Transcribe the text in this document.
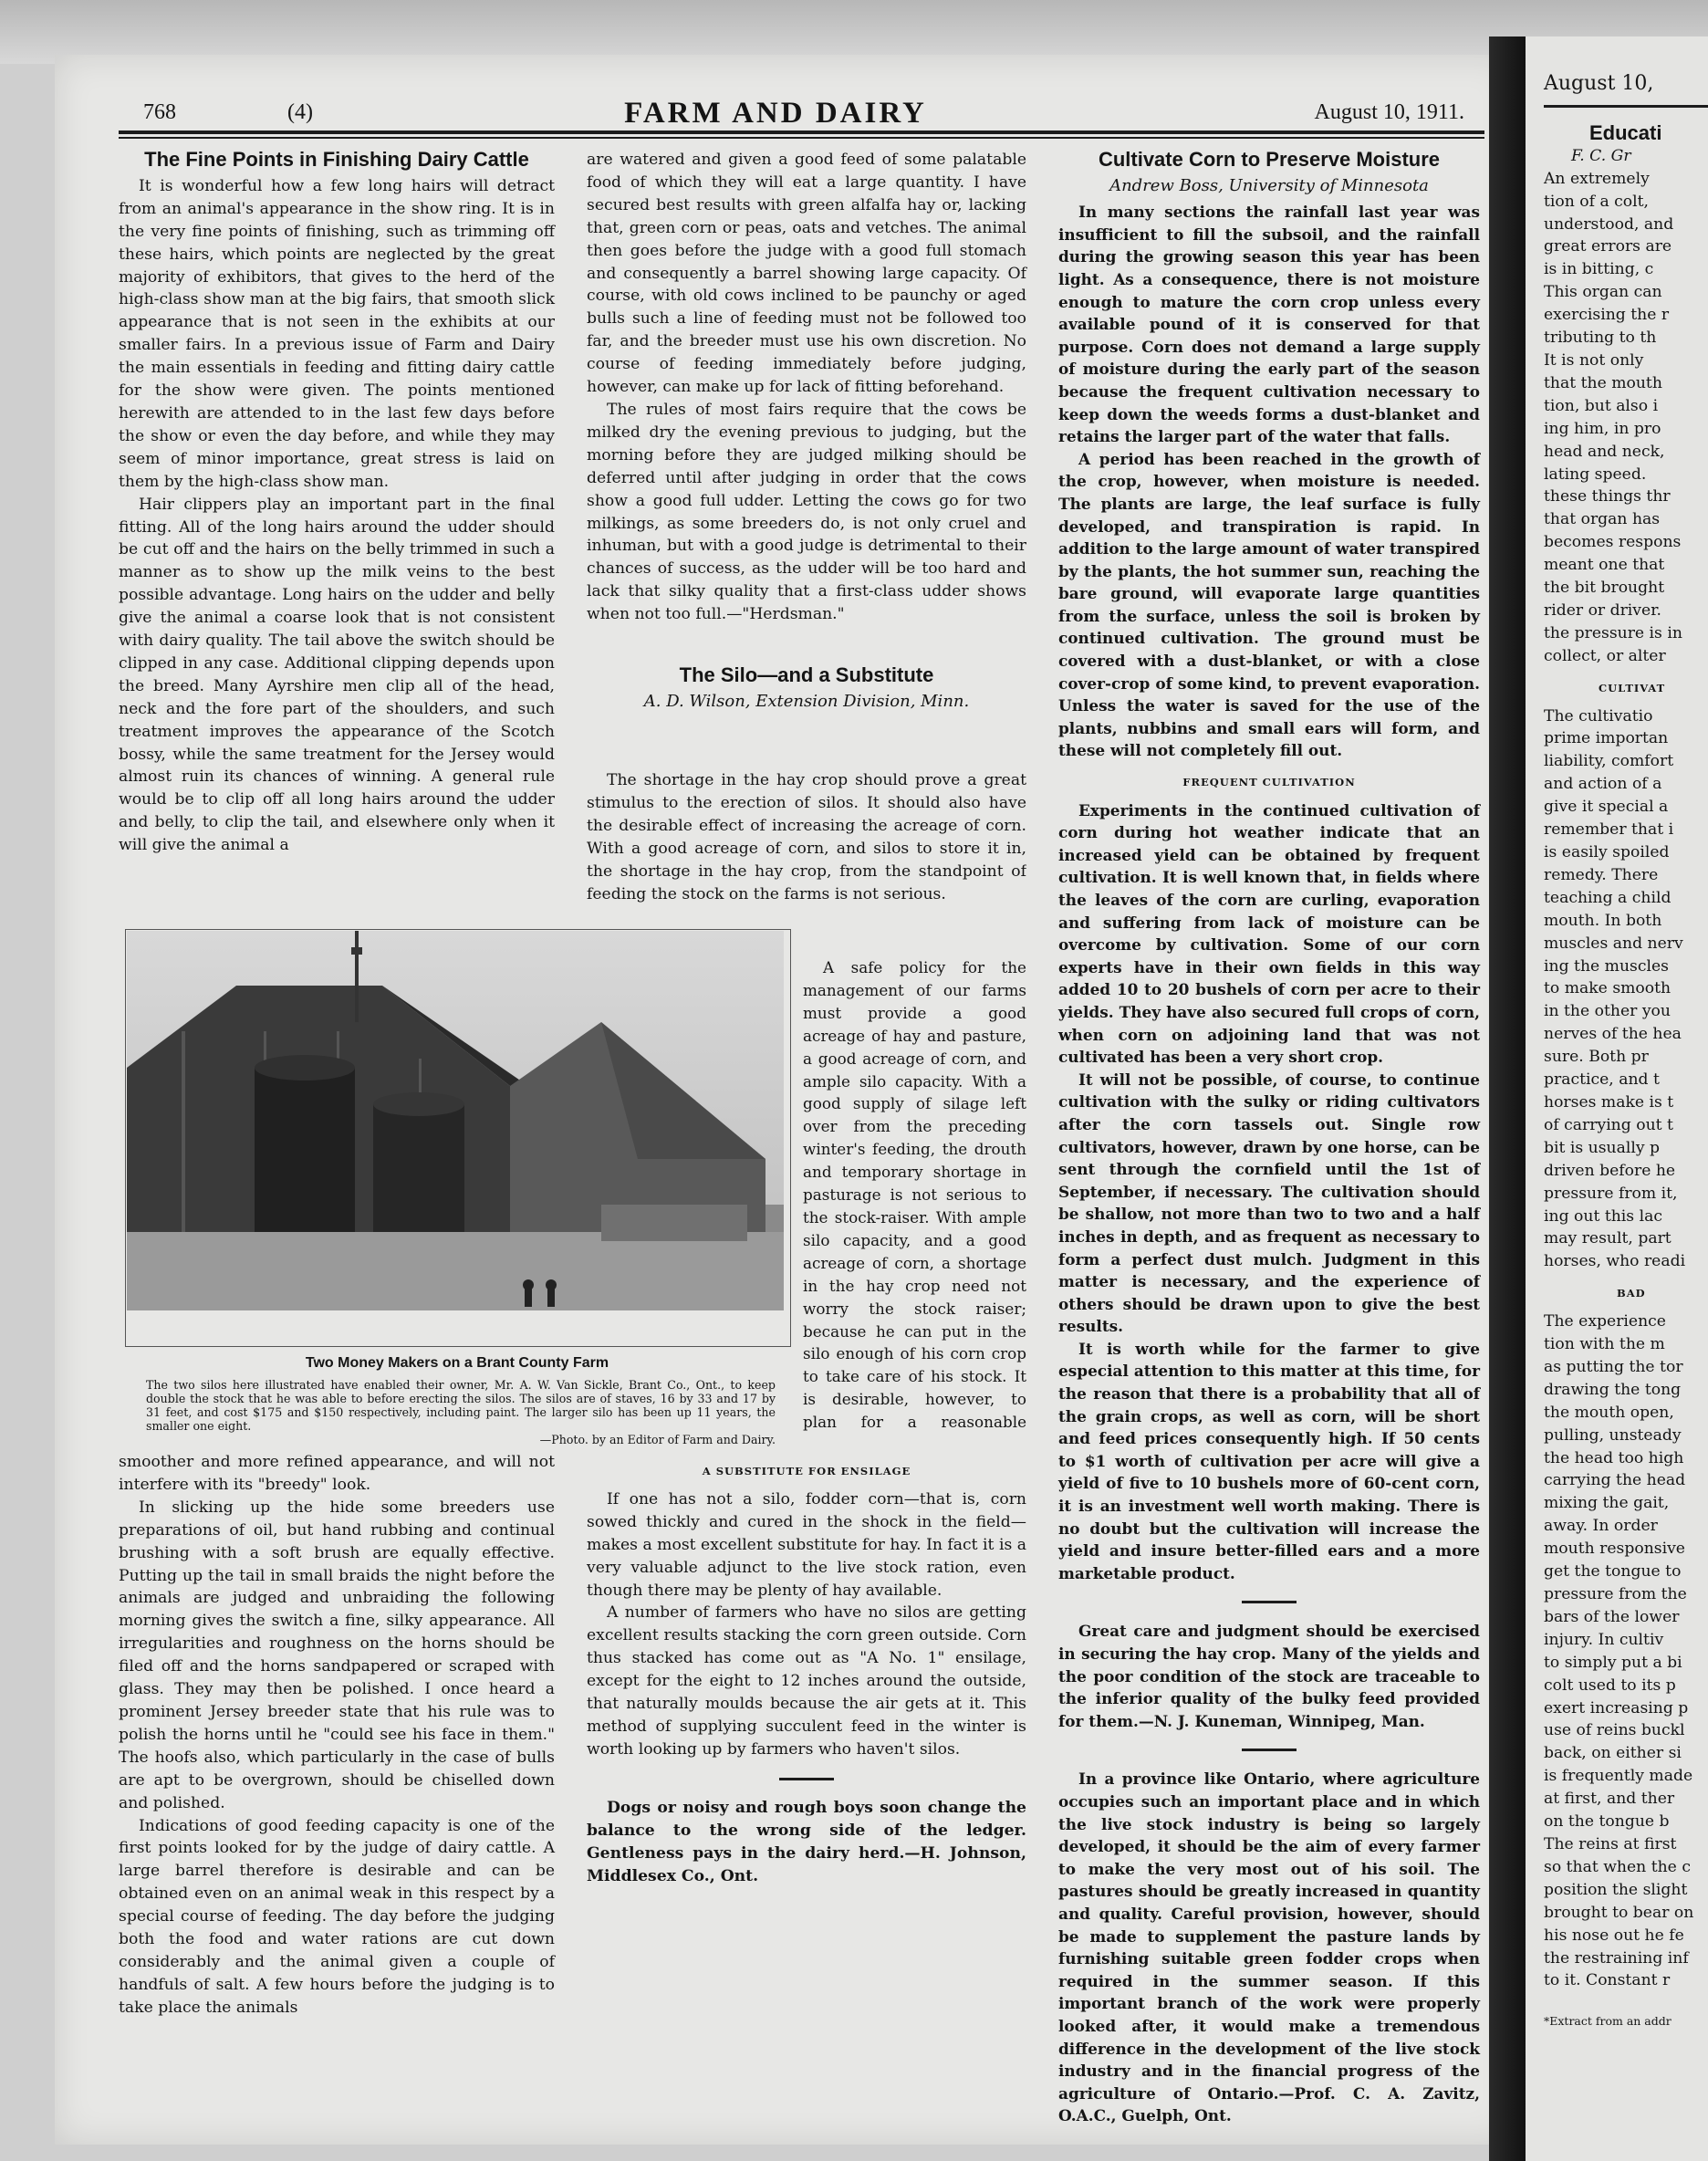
768	(4)	FARM AND DAIRY	August 10, 1911.
The Fine Points in Finishing Dairy Cattle

It is wonderful how a few long hairs will detract from an animal's appearance in the show ring. It is in the very fine points of finishing, such as trimming off these hairs, which points are neglected by the great majority of exhibitors, that gives to the herd of the high-class show man at the big fairs, that smooth slick appearance that is not seen in the exhibits at our smaller fairs. In a previous issue of Farm and Dairy the main essentials in feeding and fitting dairy cattle for the show were given. The points mentioned herewith are attended to in the last few days before the show or even the day before, and while they may seem of minor importance, great stress is laid on them by the high-class show man.

Hair clippers play an important part in the final fitting. All of the long hairs around the udder should be cut off and the hairs on the belly trimmed in such a manner as to show up the milk veins to the best possible advantage. Long hairs on the udder and belly give the animal a coarse look that is not consistent with dairy quality. The tail above the switch should be clipped in any case. Additional clipping depends upon the breed. Many Ayrshire men clip all of the head, neck and the fore part of the shoulders, and such treatment improves the appearance of the Scotch bossy, while the same treatment for the Jersey would almost ruin its chances of winning. A general rule would be to clip off all long hairs around the udder and belly, to clip the tail, and elsewhere only when it will give the animal a

are watered and given a good feed of some palatable food of which they will eat a large quantity. I have secured best results with green alfalfa hay or, lacking that, green corn or peas, oats and vetches. The animal then goes before the judge with a good full stomach and consequently a barrel showing large capacity. Of course, with old cows inclined to be paunchy or aged bulls such a line of feeding must not be followed too far, and the breeder must use his own discretion. No course of feeding immediately before judging, however, can make up for lack of fitting beforehand.

The rules of most fairs require that the cows be milked dry the evening previous to judging, but the morning before they are judged milking should be deferred until after judging in order that the cows show a good full udder. Letting the cows go for two milkings, as some breeders do, is not only cruel and inhuman, but with a good judge is detrimental to their chances of success, as the udder will be too hard and lack that silky quality that a first-class udder shows when not too full.—"Herdsman."

The Silo—and a Substitute
A. D. Wilson, Extension Division, Minn.

The shortage in the hay crop should prove a great stimulus to the erection of silos. It should also have the desirable effect of increasing the acreage of corn. With a good acreage of corn, and silos to store it in, the shortage in the hay crop, from the standpoint of feeding the stock on the farms is not serious.

A safe policy for the management of our farms must provide a good acreage of hay and pasture, a good acreage of corn, and ample silo capacity. With a good supply of silage left over from the preceding winter's feeding, the drouth and temporary shortage in pasturage is not serious to the stock-raiser. With ample silo capacity, and a good acreage of corn, a shortage in the hay crop need not worry the stock raiser; because he can put in the silo enough of his corn crop to take care of his stock. It is desirable, however, to plan for a reasonable

Two Money Makers on a Brant County Farm
The two silos here illustrated have enabled their owner, Mr. A. W. Van Sickle, Brant Co., Ont., to keep double the stock that he was able to before erecting the silos. The silos are of staves, 16 by 33 and 17 by 31 feet, and cost $175 and $150 respectively, including paint. The larger silo has been up 11 years, the smaller one eight.
—Photo. by an Editor of Farm and Dairy.

smoother and more refined appearance, and will not interfere with its "breedy" look.

In slicking up the hide some breeders use preparations of oil, but hand rubbing and continual brushing with a soft brush are equally effective. Putting up the tail in small braids the night before the animals are judged and unbraiding the following morning gives the switch a fine, silky appearance. All irregularities and roughness on the horns should be filed off and the horns sandpapered or scraped with glass. They may then be polished. I once heard a prominent Jersey breeder state that his rule was to polish the horns until he "could see his face in them." The hoofs also, which particularly in the case of bulls are apt to be overgrown, should be chiselled down and polished.

Indications of good feeding capacity is one of the first points looked for by the judge of dairy cattle. A large barrel therefore is desirable and can be obtained even on an animal weak in this respect by a special course of feeding. The day before the judging both the food and water rations are cut down considerably and the animal given a couple of handfuls of salt. A few hours before the judging is to take place the animals

A SUBSTITUTE FOR ENSILAGE

If one has not a silo, fodder corn—that is, corn sowed thickly and cured in the shock in the field—makes a most excellent substitute for hay. In fact it is a very valuable adjunct to the live stock ration, even though there may be plenty of hay available.

A number of farmers who have no silos are getting excellent results stacking the corn green outside. Corn thus stacked has come out as "A No. 1" ensilage, except for the eight to 12 inches around the outside, that naturally moulds because the air gets at it. This method of supplying succulent feed in the winter is worth looking up by farmers who haven't silos.

Dogs or noisy and rough boys soon change the balance to the wrong side of the ledger. Gentleness pays in the dairy herd.—H. Johnson, Middlesex Co., Ont.

Cultivate Corn to Preserve Moisture
Andrew Boss, University of Minnesota

In many sections the rainfall last year was insufficient to fill the subsoil, and the rainfall during the growing season this year has been light. As a consequence, there is not moisture enough to mature the corn crop unless every available pound of it is conserved for that purpose. Corn does not demand a large supply of moisture during the early part of the season because the frequent cultivation necessary to keep down the weeds forms a dust-blanket and retains the larger part of the water that falls.

A period has been reached in the growth of the crop, however, when moisture is needed. The plants are large, the leaf surface is fully developed, and transpiration is rapid. In addition to the large amount of water transpired by the plants, the hot summer sun, reaching the bare ground, will evaporate large quantities from the surface, unless the soil is broken by continued cultivation. The ground must be covered with a dust-blanket, or with a close cover-crop of some kind, to prevent evaporation. Unless the water is saved for the use of the plants, nubbins and small ears will form, and these will not completely fill out.

FREQUENT CULTIVATION

Experiments in the continued cultivation of corn during hot weather indicate that an increased yield can be obtained by frequent cultivation. It is well known that, in fields where the leaves of the corn are curling, evaporation and suffering from lack of moisture can be overcome by cultivation. Some of our corn experts have in their own fields in this way added 10 to 20 bushels of corn per acre to their yields. They have also secured full crops of corn, when corn on adjoining land that was not cultivated has been a very short crop.

It will not be possible, of course, to continue cultivation with the sulky or riding cultivators after the corn tassels out. Single row cultivators, however, drawn by one horse, can be sent through the cornfield until the 1st of September, if necessary. The cultivation should be shallow, not more than two to two and a half inches in depth, and as frequent as necessary to form a perfect dust mulch. Judgment in this matter is necessary, and the experience of others should be drawn upon to give the best results.

It is worth while for the farmer to give especial attention to this matter at this time, for the reason that there is a probability that all of the grain crops, as well as corn, will be short and feed prices consequently high. If 50 cents to $1 worth of cultivation per acre will give a yield of five to 10 bushels more of 60-cent corn, it is an investment well worth making. There is no doubt but the cultivation will increase the yield and insure better-filled ears and a more marketable product.

Great care and judgment should be exercised in securing the hay crop. Many of the yields and the poor condition of the stock are traceable to the inferior quality of the bulky feed provided for them.—N. J. Kuneman, Winnipeg, Man.

In a province like Ontario, where agriculture occupies such an important place and in which the live stock industry is being so largely developed, it should be the aim of every farmer to make the very most out of his soil. The pastures should be greatly increased in quantity and quality. Careful provision, however, should be made to supplement the pasture lands by furnishing suitable green fodder crops when required in the summer season. If this important branch of the work were properly looked after, it would make a tremendous difference in the development of the live stock industry and in the financial progress of the agriculture of Ontario.—Prof. C. A. Zavitz, O.A.C., Guelph, Ont.

August 10,
Educati
F. C. Gr
An extremely
tion of a colt,
understood, and
great errors are
is in bitting, c
This organ can
exercising the r
tributing to th
It is not only
that the mouth
tion, but also i
ing him, in pro
head and neck,
lating speed.
these things thr
that organ has
becomes respons
meant one that
the bit brought
rider or driver.
the pressure is in
collect, or alter
CULTIVAT
The cultivatio
prime importan
liability, comfort
and action of a
give it special a
remember that i
is easily spoiled
remedy. There
teaching a child
mouth. In both
muscles and nerv
ing the muscles
to make smooth
in the other you
nerves of the hea
sure. Both pr
practice, and t
horses make is t
of carrying out t
bit is usually p
driven before he
pressure from it,
ing out this lac
may result, part
horses, who readi
BAD
The experience
tion with the m
as putting the tor
drawing the tong
the mouth open,
pulling, unsteady
the head too high
carrying the head
mixing the gait,
away. In order
mouth responsive
get the tongue to
pressure from the
bars of the lower
injury. In cultiv
to simply put a bi
colt used to its p
exert increasing p
use of reins buckl
back, on either si
is frequently made
at first, and ther
on the tongue b
The reins at first
so that when the c
position the slight
brought to bear on
his nose out he fe
the restraining inf
to it. Constant r
*Extract from an addr
